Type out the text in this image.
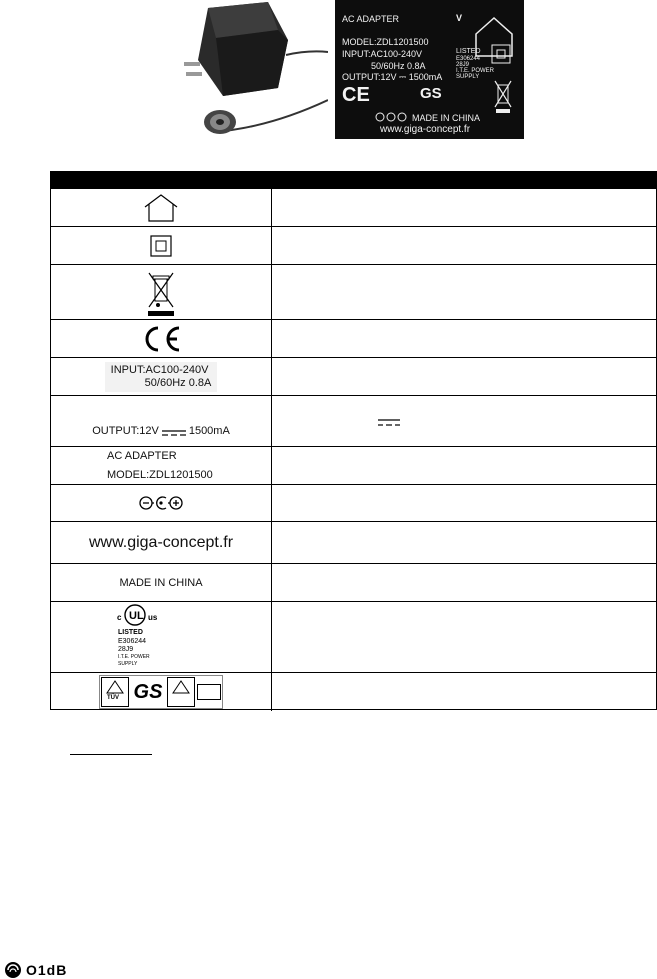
AC ADAPTER
MODEL:ZDL1201500
INPUT:AC100-240V
50/60Hz 0.8A
OUTPUT:12V ⎓ 1500mA
V
LISTED
E306244
28J9
I.T.E. POWER
SUPPLY
CE	GS
MADE IN CHINA
www.giga-concept.fr
INPUT:AC100-240V
50/60Hz 0.8A
OUTPUT:12V	1500mA
AC ADAPTER
MODEL:ZDL1201500
www.giga-concept.fr
MADE IN CHINA
c UL us
LISTED
E306244
28J9
I.T.E. POWER
SUPPLY
TÜV GS
O1dB
